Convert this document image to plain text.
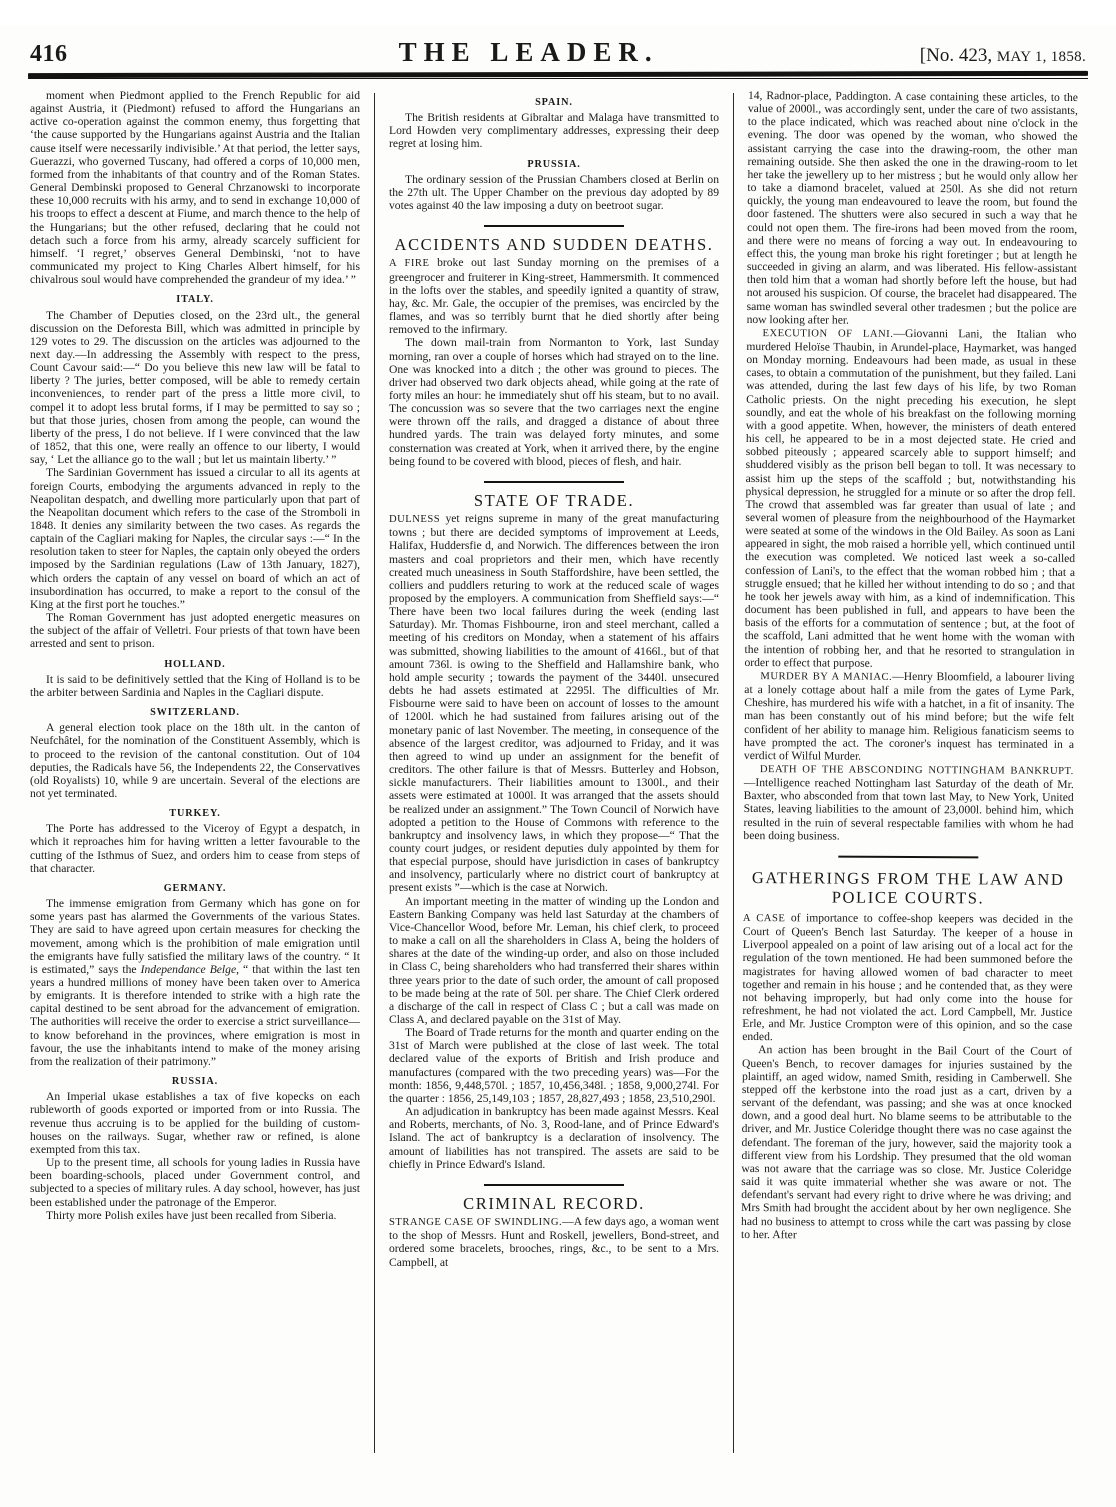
416	THE LEADER.	[No. 423, MAY 1, 1858.

moment when Piedmont applied to the French Republic for aid against Austria, it (Piedmont) refused to afford the Hungarians an active co-operation against the common enemy, thus forgetting that ‘the cause supported by the Hungarians against Austria and the Italian cause itself were necessarily indivisible.’ At that period, the letter says, Guerazzi, who governed Tuscany, had offered a corps of 10,000 men, formed from the inhabitants of that country and of the Roman States. General Dembinski proposed to General Chrzanowski to incorporate these 10,000 recruits with his army, and to send in exchange 10,000 of his troops to effect a descent at Fiume, and march thence to the help of the Hungarians; but the other refused, declaring that he could not detach such a force from his army, already scarcely sufficient for himself. ‘I regret,’ observes General Dembinski, ‘not to have communicated my project to King Charles Albert himself, for his chivalrous soul would have comprehended the grandeur of my idea.’ ”

ITALY.

The Chamber of Deputies closed, on the 23rd ult., the general discussion on the Deforesta Bill, which was admitted in principle by 129 votes to 29. The discussion on the articles was adjourned to the next day.—In addressing the Assembly with respect to the press, Count Cavour said:—“ Do you believe this new law will be fatal to liberty ? The juries, better composed, will be able to remedy certain inconveniences, to render part of the press a little more civil, to compel it to adopt less brutal forms, if I may be permitted to say so ; but that those juries, chosen from among the people, can wound the liberty of the press, I do not believe. If I were convinced that the law of 1852, that this one, were really an offence to our liberty, I would say, ‘ Let the alliance go to the wall ; but let us maintain liberty.’ ”

The Sardinian Government has issued a circular to all its agents at foreign Courts, embodying the arguments advanced in reply to the Neapolitan despatch, and dwelling more particularly upon that part of the Neapolitan document which refers to the case of the Stromboli in 1848. It denies any similarity between the two cases. As regards the captain of the Cagliari making for Naples, the circular says :—“ In the resolution taken to steer for Naples, the captain only obeyed the orders imposed by the Sardinian regulations (Law of 13th January, 1827), which orders the captain of any vessel on board of which an act of insubordination has occurred, to make a report to the consul of the King at the first port he touches.”

The Roman Government has just adopted energetic measures on the subject of the affair of Velletri. Four priests of that town have been arrested and sent to prison.

HOLLAND.

It is said to be definitively settled that the King of Holland is to be the arbiter between Sardinia and Naples in the Cagliari dispute.

SWITZERLAND.

A general election took place on the 18th ult. in the canton of Neufchâtel, for the nomination of the Constituent Assembly, which is to proceed to the revision of the cantonal constitution. Out of 104 deputies, the Radicals have 56, the Independents 22, the Conservatives (old Royalists) 10, while 9 are uncertain. Several of the elections are not yet terminated.

TURKEY.

The Porte has addressed to the Viceroy of Egypt a despatch, in which it reproaches him for having written a letter favourable to the cutting of the Isthmus of Suez, and orders him to cease from steps of that character.

GERMANY.

The immense emigration from Germany which has gone on for some years past has alarmed the Governments of the various States. They are said to have agreed upon certain measures for checking the movement, among which is the prohibition of male emigration until the emigrants have fully satisfied the military laws of the country. “ It is estimated,” says the Independance Belge, “ that within the last ten years a hundred millions of money have been taken over to America by emigrants. It is therefore intended to strike with a high rate the capital destined to be sent abroad for the advancement of emigration. The authorities will receive the order to exercise a strict surveillance—to know beforehand in the provinces, where emigration is most in favour, the use the inhabitants intend to make of the money arising from the realization of their patrimony.”

RUSSIA.

An Imperial ukase establishes a tax of five kopecks on each rubleworth of goods exported or imported from or into Russia. The revenue thus accruing is to be applied for the building of custom-houses on the railways. Sugar, whether raw or refined, is alone exempted from this tax.

Up to the present time, all schools for young ladies in Russia have been boarding-schools, placed under Government control, and subjected to a species of military rules. A day school, however, has just been established under the patronage of the Emperor.

Thirty more Polish exiles have just been recalled from Siberia.

SPAIN.

The British residents at Gibraltar and Malaga have transmitted to Lord Howden very complimentary addresses, expressing their deep regret at losing him.

PRUSSIA.

The ordinary session of the Prussian Chambers closed at Berlin on the 27th ult. The Upper Chamber on the previous day adopted by 89 votes against 40 the law imposing a duty on beetroot sugar.

ACCIDENTS AND SUDDEN DEATHS.

A FIRE broke out last Sunday morning on the premises of a greengrocer and fruiterer in King-street, Hammersmith. It commenced in the lofts over the stables, and speedily ignited a quantity of straw, hay, &c. Mr. Gale, the occupier of the premises, was encircled by the flames, and was so terribly burnt that he died shortly after being removed to the infirmary.

The down mail-train from Normanton to York, last Sunday morning, ran over a couple of horses which had strayed on to the line. One was knocked into a ditch ; the other was ground to pieces. The driver had observed two dark objects ahead, while going at the rate of forty miles an hour: he immediately shut off his steam, but to no avail. The concussion was so severe that the two carriages next the engine were thrown off the rails, and dragged a distance of about three hundred yards. The train was delayed forty minutes, and some consternation was created at York, when it arrived there, by the engine being found to be covered with blood, pieces of flesh, and hair.

STATE OF TRADE.

DULNESS yet reigns supreme in many of the great manufacturing towns ; but there are decided symptoms of improvement at Leeds, Halifax, Huddersfie d, and Norwich. The differences between the iron masters and coal proprietors and their men, which have recently created much uneasiness in South Staffordshire, have been settled, the colliers and puddlers returing to work at the reduced scale of wages proposed by the employers. A communication from Sheffield says:—“ There have been two local failures during the week (ending last Saturday). Mr. Thomas Fishbourne, iron and steel merchant, called a meeting of his creditors on Monday, when a statement of his affairs was submitted, showing liabilities to the amount of 4166l., but of that amount 736l. is owing to the Sheffield and Hallamshire bank, who hold ample security ; towards the payment of the 3440l. unsecured debts he had assets estimated at 2295l. The difficulties of Mr. Fisbourne were said to have been on account of losses to the amount of 1200l. which he had sustained from failures arising out of the monetary panic of last November. The meeting, in consequence of the absence of the largest creditor, was adjourned to Friday, and it was then agreed to wind up under an assignment for the benefit of creditors. The other failure is that of Messrs. Butterley and Hobson, sickle manufacturers. Their liabilities amount to 1300l., and their assets were estimated at 1000l. It was arranged that the assets should be realized under an assignment.” The Town Council of Norwich have adopted a petition to the House of Commons with reference to the bankruptcy and insolvency laws, in which they propose—“ That the county court judges, or resident deputies duly appointed by them for that especial purpose, should have jurisdiction in cases of bankruptcy and insolvency, particularly where no district court of bankruptcy at present exists ”—which is the case at Norwich.

An important meeting in the matter of winding up the London and Eastern Banking Company was held last Saturday at the chambers of Vice-Chancellor Wood, before Mr. Leman, his chief clerk, to proceed to make a call on all the shareholders in Class A, being the holders of shares at the date of the winding-up order, and also on those included in Class C, being shareholders who had transferred their shares within three years prior to the date of such order, the amount of call proposed to be made being at the rate of 50l. per share. The Chief Clerk ordered a discharge of the call in respect of Class C ; but a call was made on Class A, and declared payable on the 31st of May.

The Board of Trade returns for the month and quarter ending on the 31st of March were published at the close of last week. The total declared value of the exports of British and Irish produce and manufactures (compared with the two preceding years) was—For the month: 1856, 9,448,570l. ; 1857, 10,456,348l. ; 1858, 9,000,274l. For the quarter : 1856, 25,149,103 ; 1857, 28,827,493 ; 1858, 23,510,290l.

An adjudication in bankruptcy has been made against Messrs. Keal and Roberts, merchants, of No. 3, Rood-lane, and of Prince Edward's Island. The act of bankruptcy is a declaration of insolvency. The amount of liabilities has not transpired. The assets are said to be chiefly in Prince Edward's Island.

CRIMINAL RECORD.

STRANGE CASE OF SWINDLING.—A few days ago, a woman went to the shop of Messrs. Hunt and Roskell, jewellers, Bond-street, and ordered some bracelets, brooches, rings, &c., to be sent to a Mrs. Campbell, at

14, Radnor-place, Paddington. A case containing these articles, to the value of 2000l., was accordingly sent, under the care of two assistants, to the place indicated, which was reached about nine o'clock in the evening. The door was opened by the woman, who showed the assistant carrying the case into the drawing-room, the other man remaining outside. She then asked the one in the drawing-room to let her take the jewellery up to her mistress ; but he would only allow her to take a diamond bracelet, valued at 250l. As she did not return quickly, the young man endeavoured to leave the room, but found the door fastened. The shutters were also secured in such a way that he could not open them. The fire-irons had been moved from the room, and there were no means of forcing a way out. In endeavouring to effect this, the young man broke his right foretinger ; but at length he succeeded in giving an alarm, and was liberated. His fellow-assistant then told him that a woman had shortly before left the house, but had not aroused his suspicion. Of course, the bracelet had disappeared. The same woman has swindled several other tradesmen ; but the police are now looking after her.

EXECUTION OF LANI.—Giovanni Lani, the Italian who murdered Heloïse Thaubin, in Arundel-place, Haymarket, was hanged on Monday morning. Endeavours had been made, as usual in these cases, to obtain a commutation of the punishment, but they failed. Lani was attended, during the last few days of his life, by two Roman Catholic priests. On the night preceding his execution, he slept soundly, and eat the whole of his breakfast on the following morning with a good appetite. When, however, the ministers of death entered his cell, he appeared to be in a most dejected state. He cried and sobbed piteously ; appeared scarcely able to support himself; and shuddered visibly as the prison bell began to toll. It was necessary to assist him up the steps of the scaffold ; but, notwithstanding his physical depression, he struggled for a minute or so after the drop fell. The crowd that assembled was far greater than usual of late ; and several women of pleasure from the neighbourhood of the Haymarket were seated at some of the windows in the Old Bailey. As soon as Lani appeared in sight, the mob raised a horrible yell, which continued until the execution was completed. We noticed last week a so-called confession of Lani's, to the effect that the woman robbed him ; that a struggle ensued; that he killed her without intending to do so ; and that he took her jewels away with him, as a kind of indemnification. This document has been published in full, and appears to have been the basis of the efforts for a commutation of sentence ; but, at the foot of the scaffold, Lani admitted that he went home with the woman with the intention of robbing her, and that he resorted to strangulation in order to effect that purpose.

MURDER BY A MANIAC.—Henry Bloomfield, a labourer living at a lonely cottage about half a mile from the gates of Lyme Park, Cheshire, has murdered his wife with a hatchet, in a fit of insanity. The man has been constantly out of his mind before; but the wife felt confident of her ability to manage him. Religious fanaticism seems to have prompted the act. The coroner's inquest has terminated in a verdict of Wilful Murder.

DEATH OF THE ABSCONDING NOTTINGHAM BANKRUPT.—Intelligence reached Nottingham last Saturday of the death of Mr. Baxter, who absconded from that town last May, to New York, United States, leaving liabilities to the amount of 23,000l. behind him, which resulted in the ruin of several respectable families with whom he had been doing business.

GATHERINGS FROM THE LAW AND
POLICE COURTS.

A CASE of importance to coffee-shop keepers was decided in the Court of Queen's Bench last Saturday. The keeper of a house in Liverpool appealed on a point of law arising out of a local act for the regulation of the town mentioned. He had been summoned before the magistrates for having allowed women of bad character to meet together and remain in his house ; and he contended that, as they were not behaving improperly, but had only come into the house for refreshment, he had not violated the act. Lord Campbell, Mr. Justice Erle, and Mr. Justice Crompton were of this opinion, and so the case ended.

An action has been brought in the Bail Court of the Court of Queen's Bench, to recover damages for injuries sustained by the plaintiff, an aged widow, named Smith, residing in Camberwell. She stepped off the kerbstone into the road just as a cart, driven by a servant of the defendant, was passing; and she was at once knocked down, and a good deal hurt. No blame seems to be attributable to the driver, and Mr. Justice Coleridge thought there was no case against the defendant. The foreman of the jury, however, said the majority took a different view from his Lordship. They presumed that the old woman was not aware that the carriage was so close. Mr. Justice Coleridge said it was quite immaterial whether she was aware or not. The defendant's servant had every right to drive where he was driving; and Mrs Smith had brought the accident about by her own negligence. She had no business to attempt to cross while the cart was passing by close to her. After
